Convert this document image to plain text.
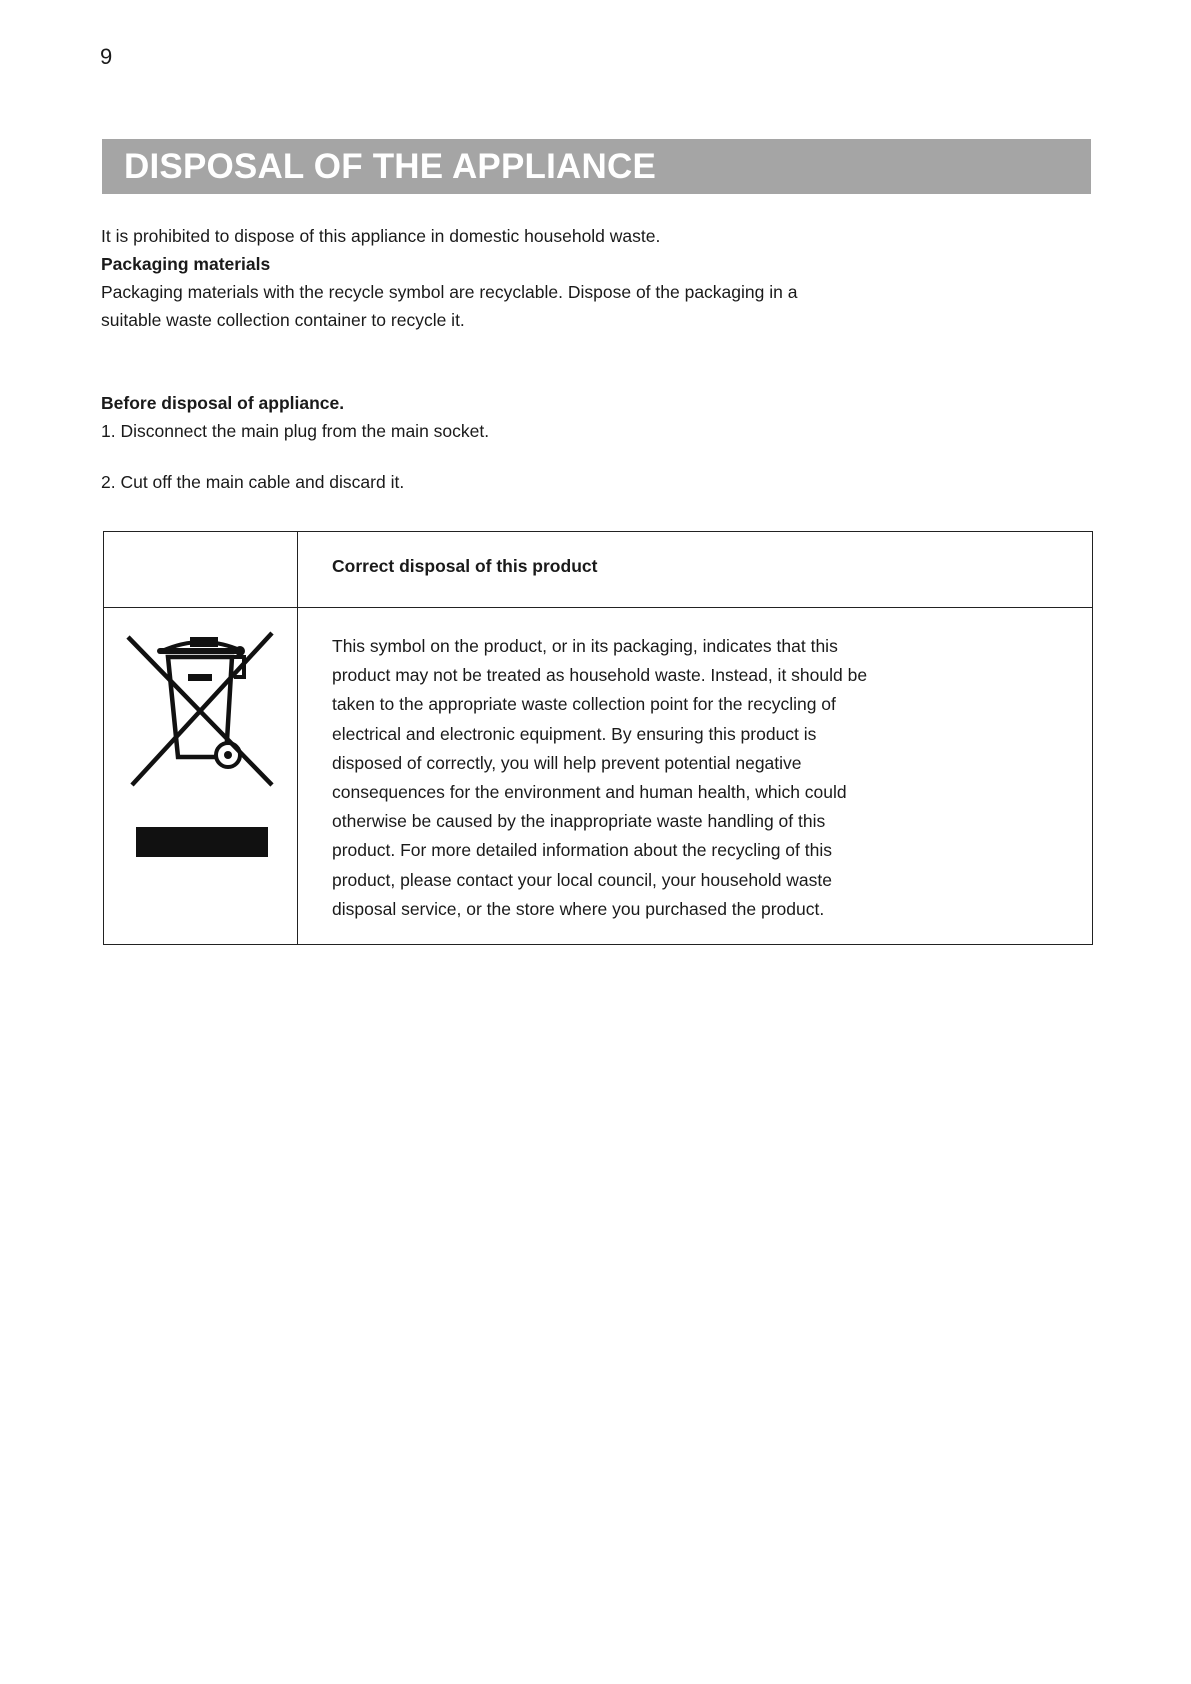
9
DISPOSAL OF THE APPLIANCE

It is prohibited to dispose of this appliance in domestic household waste.

Packaging materials

Packaging materials with the recycle symbol are recyclable. Dispose of the packaging in a

suitable waste collection container to recycle it.

Before disposal of appliance.

1. Disconnect the main plug from the main socket.

2. Cut off the main cable and discard it.

Correct disposal of this product
This symbol on the product, or in its packaging, indicates that this
product may not be treated as household waste. Instead, it should be
taken to the appropriate waste collection point for the recycling of
electrical and electronic equipment. By ensuring this product is
disposed of correctly, you will help prevent potential negative
consequences for the environment and human health, which could
otherwise be caused by the inappropriate waste handling of this
product. For more detailed information about the recycling of this
product, please contact your local council, your household waste
disposal service, or the store where you purchased the product.
